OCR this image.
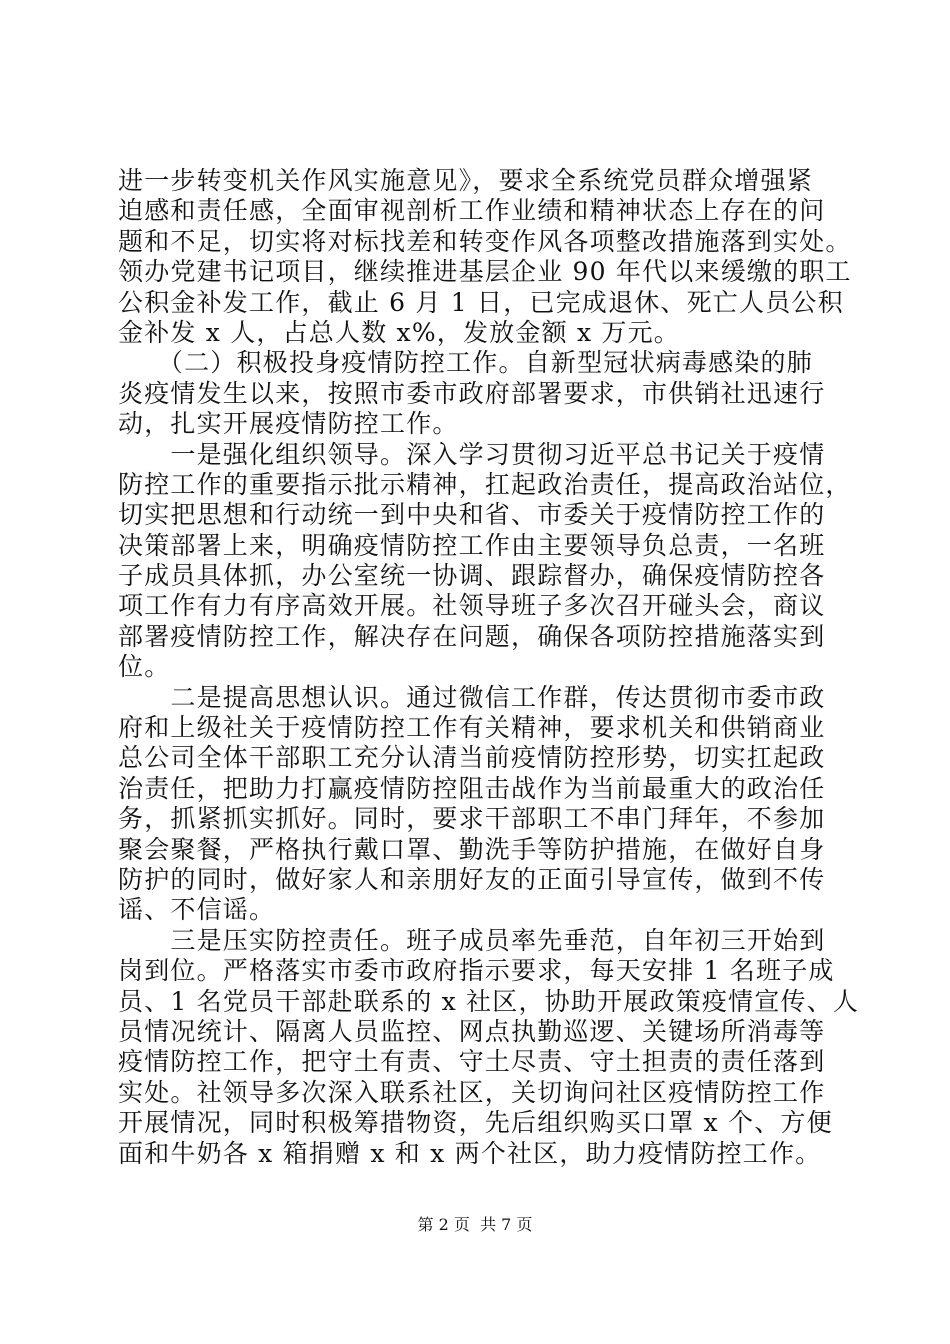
进一步转变机关作风实施意见》，要求全系统党员群众增强紧

迫感和责任感，全面审视剖析工作业绩和精神状态上存在的问

题和不足，切实将对标找差和转变作风各项整改措施落到实处。

领办党建书记项目，继续推进基层企业 90 年代以来缓缴的职工

公积金补发工作，截止 6 月 1 日，已完成退休、死亡人员公积

金补发 x 人，占总人数 x%，发放金额 x 万元。

　　（二）积极投身疫情防控工作。自新型冠状病毒感染的肺

炎疫情发生以来，按照市委市政府部署要求，市供销社迅速行

动，扎实开展疫情防控工作。

　　一是强化组织领导。深入学习贯彻习近平总书记关于疫情

防控工作的重要指示批示精神，扛起政治责任，提高政治站位，

切实把思想和行动统一到中央和省、市委关于疫情防控工作的

决策部署上来，明确疫情防控工作由主要领导负总责，一名班

子成员具体抓，办公室统一协调、跟踪督办，确保疫情防控各

项工作有力有序高效开展。社领导班子多次召开碰头会，商议

部署疫情防控工作，解决存在问题，确保各项防控措施落实到

位。

　　二是提高思想认识。通过微信工作群，传达贯彻市委市政

府和上级社关于疫情防控工作有关精神，要求机关和供销商业

总公司全体干部职工充分认清当前疫情防控形势，切实扛起政

治责任，把助力打赢疫情防控阻击战作为当前最重大的政治任

务，抓紧抓实抓好。同时，要求干部职工不串门拜年，不参加

聚会聚餐，严格执行戴口罩、勤洗手等防护措施，在做好自身

防护的同时，做好家人和亲朋好友的正面引导宣传，做到不传

谣、不信谣。

　　三是压实防控责任。班子成员率先垂范，自年初三开始到

岗到位。严格落实市委市政府指示要求，每天安排 1 名班子成

员、1 名党员干部赴联系的 x 社区，协助开展政策疫情宣传、人

员情况统计、隔离人员监控、网点执勤巡逻、关键场所消毒等

疫情防控工作，把守土有责、守土尽责、守土担责的责任落到

实处。社领导多次深入联系社区，关切询问社区疫情防控工作

开展情况，同时积极筹措物资，先后组织购买口罩 x 个、方便

面和牛奶各 x 箱捐赠 x 和 x 两个社区，助力疫情防控工作。

第 2 页  共 7 页
